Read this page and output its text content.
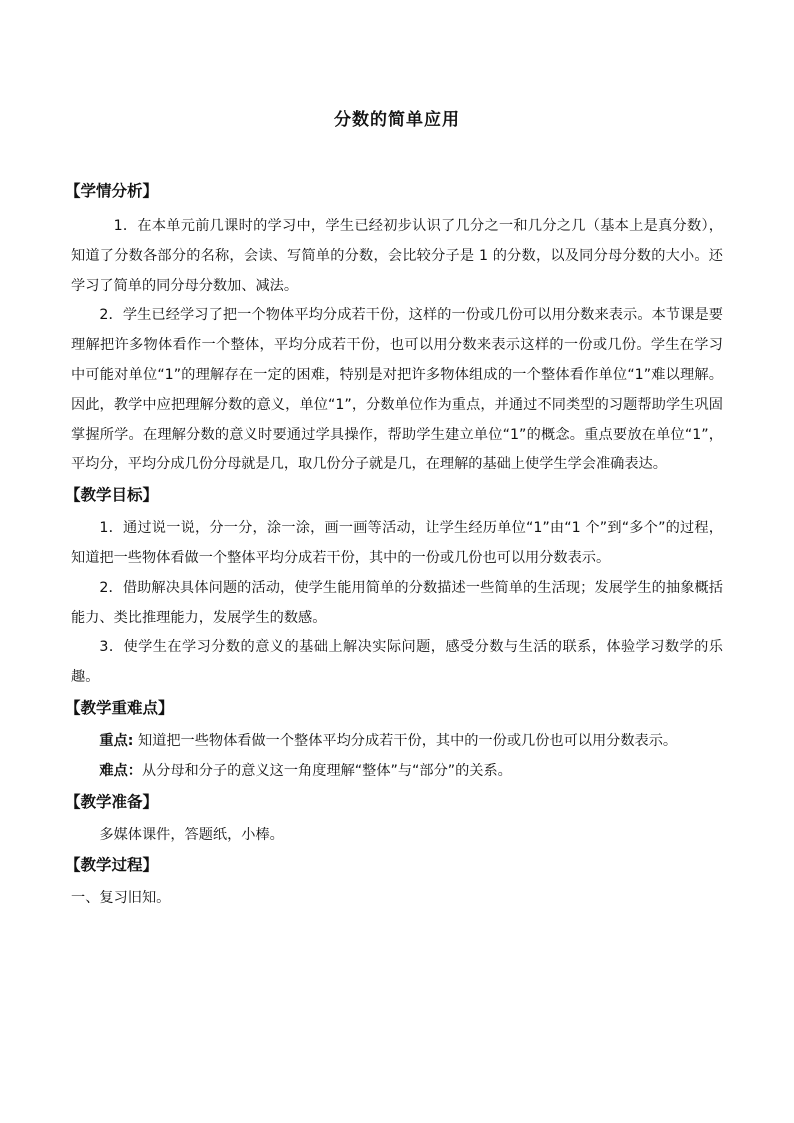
分数的简单应用
【学情分析】

1．在本单元前几课时的学习中，学生已经初步认识了几分之一和几分之几（基本上是真分数），知道了分数各部分的名称，会读、写简单的分数，会比较分子是 1 的分数，以及同分母分数的大小。还学习了简单的同分母分数加、减法。

2．学生已经学习了把一个物体平均分成若干份，这样的一份或几份可以用分数来表示。本节课是要理解把许多物体看作一个整体，平均分成若干份，也可以用分数来表示这样的一份或几份。学生在学习中可能对单位“1”的理解存在一定的困难，特别是对把许多物体组成的一个整体看作单位“1”难以理解。因此，教学中应把理解分数的意义，单位“1”，分数单位作为重点，并通过不同类型的习题帮助学生巩固掌握所学。在理解分数的意义时要通过学具操作，帮助学生建立单位“1”的概念。重点要放在单位“1”，平均分，平均分成几份分母就是几，取几份分子就是几，在理解的基础上使学生学会准确表达。

【教学目标】

1．通过说一说，分一分，涂一涂，画一画等活动，让学生经历单位“1”由“1 个”到“多个”的过程，知道把一些物体看做一个整体平均分成若干份，其中的一份或几份也可以用分数表示。

2．借助解决具体问题的活动，使学生能用简单的分数描述一些简单的生活现；发展学生的抽象概括能力、类比推理能力，发展学生的数感。

3．使学生在学习分数的意义的基础上解决实际问题，感受分数与生活的联系，体验学习数学的乐趣。

【教学重难点】

重点: 知道把一些物体看做一个整体平均分成若干份，其中的一份或几份也可以用分数表示。

难点：从分母和分子的意义这一角度理解“整体”与“部分”的关系。

【教学准备】

多媒体课件，答题纸，小棒。

【教学过程】

一、复习旧知。
